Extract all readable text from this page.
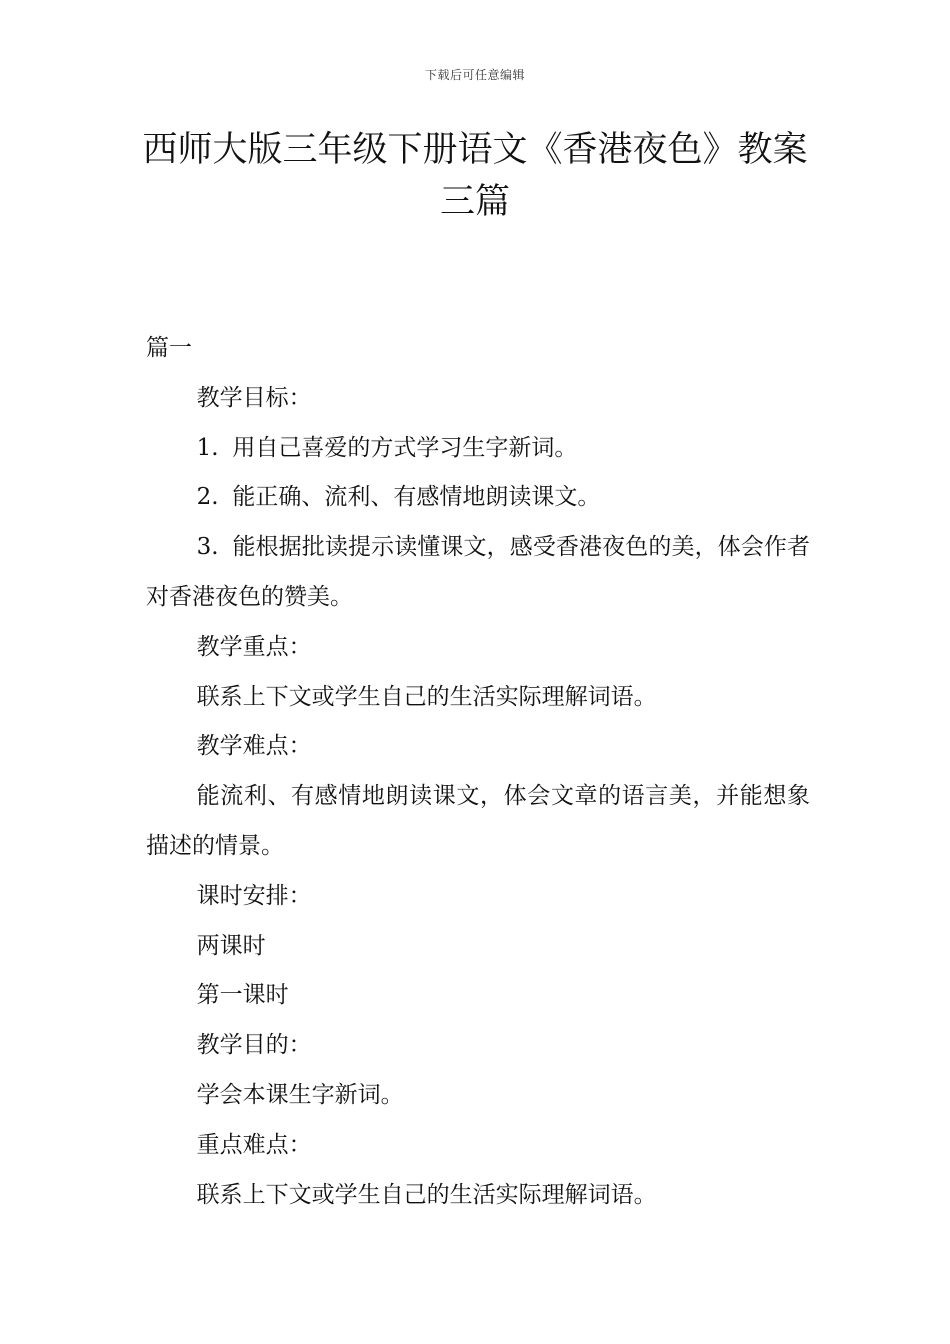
下载后可任意编辑
西师大版三年级下册语文《香港夜色》教案三篇

篇一

教学目标：

1. 用自己喜爱的方式学习生字新词。

2. 能正确、流利、有感情地朗读课文。

3. 能根据批读提示读懂课文，感受香港夜色的美，体会作者对香港夜色的赞美。

教学重点：

联系上下文或学生自己的生活实际理解词语。

教学难点：

能流利、有感情地朗读课文，体会文章的语言美，并能想象描述的情景。

课时安排：

两课时

第一课时

教学目的：

学会本课生字新词。

重点难点：

联系上下文或学生自己的生活实际理解词语。
